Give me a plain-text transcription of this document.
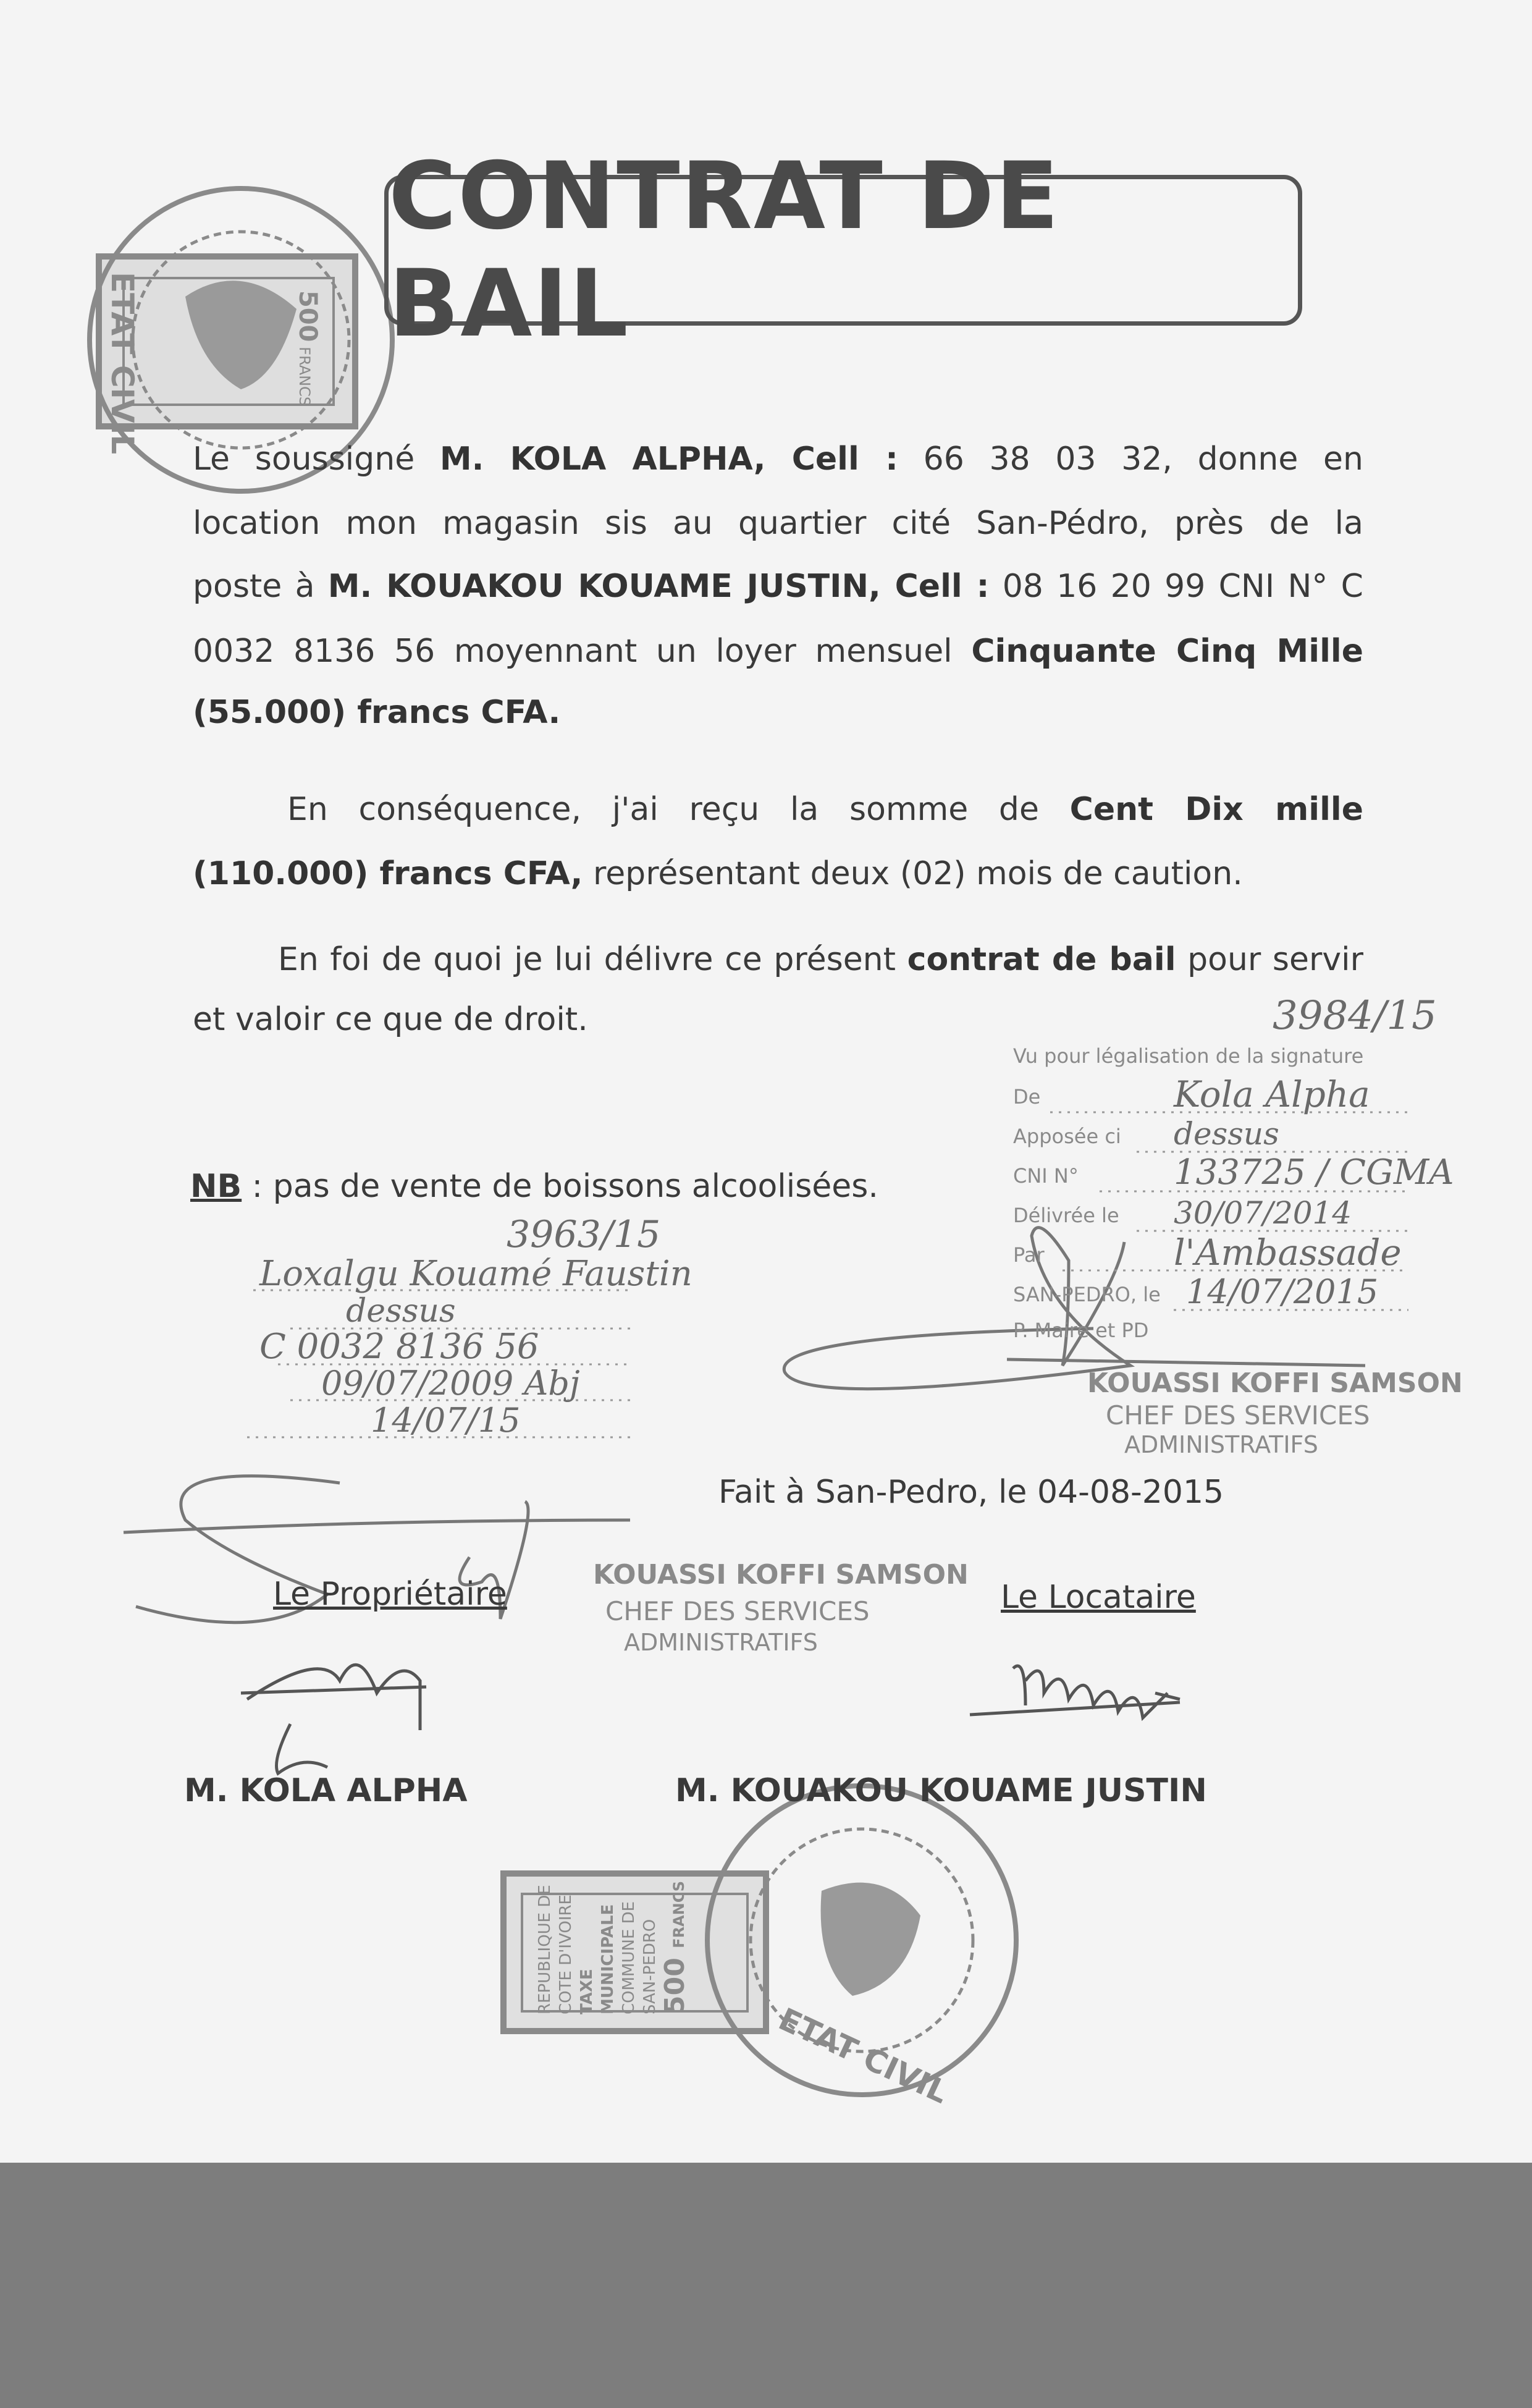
500 FRANCS
REPUBLIQUE DE COTE D'IVOIRE TAXE MUNICIPALE COMMUNE DE SAN-PEDRO 500 FRANCS
ETAT CIVIL
ETAT CIVIL
3984/15
Vu pour légalisation de la signature
De	Kola Alpha
Apposée ci dessus
CNI N°	133725 / CGMA
Délivrée le 30/07/2014
Par	l'Ambassade
SAN-PEDRO, le 14/07/2015
P. Maire et PD
3963/15
Loxalgu Kouamé Faustin
dessus
C 0032 8136 56
09/07/2009 Abj
14/07/15
KOUASSI KOFFI SAMSON
CHEF DES SERVICES
ADMINISTRATIFS
KOUASSI KOFFI SAMSON
CHEF DES SERVICES
ADMINISTRATIFS
CONTRAT DE BAIL
Le soussigné M. KOLA ALPHA, Cell : 66 38 03 32, donne en
location mon magasin sis au quartier cité San-Pédro, près de la
poste à M. KOUAKOU KOUAME JUSTIN, Cell : 08 16 20 99 CNI N° C
0032 8136 56 moyennant un loyer mensuel Cinquante Cinq Mille
(55.000) francs CFA.
En conséquence, j'ai reçu la somme de Cent Dix mille
(110.000) francs CFA, représentant deux (02) mois de caution.
En foi de quoi je lui délivre ce présent contrat de bail pour servir
et valoir ce que de droit.
NB : pas de vente de boissons alcoolisées.
Fait à San-Pedro, le 04-08-2015
Le Propriétaire	Le Locataire
M. KOLA ALPHA	M. KOUAKOU KOUAME JUSTIN
